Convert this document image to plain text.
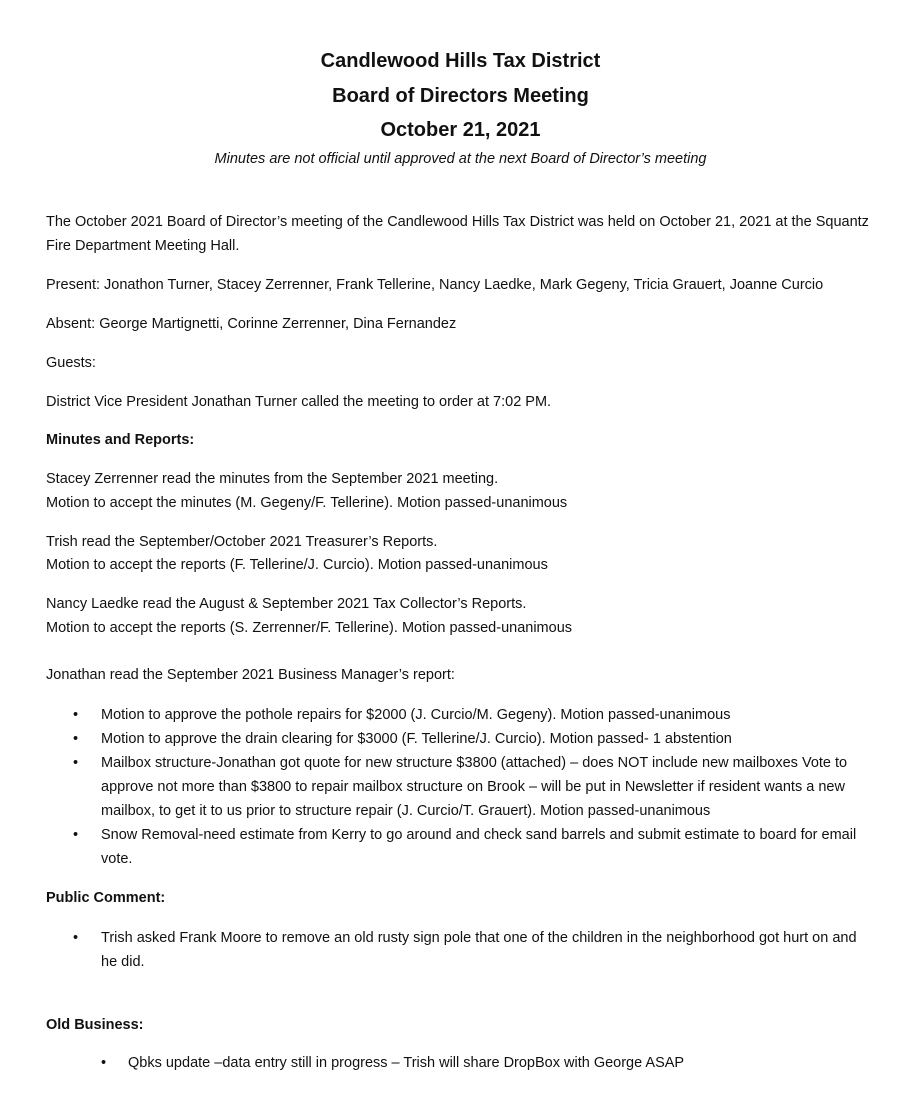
Candlewood Hills Tax District
Board of Directors Meeting
October 21, 2021
Minutes are not official until approved at the next Board of Director’s meeting

The October 2021 Board of Director’s meeting of the Candlewood Hills Tax District was held on October 21, 2021 at the Squantz Fire Department Meeting Hall.

Present: Jonathon Turner, Stacey Zerrenner, Frank Tellerine, Nancy Laedke, Mark Gegeny, Tricia Grauert, Joanne Curcio

Absent: George Martignetti, Corinne Zerrenner, Dina Fernandez

Guests:

District Vice President Jonathan Turner called the meeting to order at 7:02 PM.

Minutes and Reports:

Stacey Zerrenner read the minutes from the September 2021 meeting.

Motion to accept the minutes (M. Gegeny/F. Tellerine). Motion passed-unanimous

Trish read the September/October 2021 Treasurer’s Reports.

Motion to accept the reports (F. Tellerine/J. Curcio). Motion passed-unanimous

Nancy Laedke read the August & September 2021 Tax Collector’s Reports.

Motion to accept the reports (S. Zerrenner/F. Tellerine). Motion passed-unanimous

Jonathan read the September 2021 Business Manager’s report:

• Motion to approve the pothole repairs for $2000 (J. Curcio/M. Gegeny). Motion passed-unanimous
• Motion to approve the drain clearing for $3000 (F. Tellerine/J. Curcio). Motion passed- 1 abstention
• Mailbox structure-Jonathan got quote for new structure $3800 (attached) – does NOT include new mailboxes Vote to approve not more than $3800 to repair mailbox structure on Brook – will be put in Newsletter if resident wants a new mailbox, to get it to us prior to structure repair (J. Curcio/T. Grauert). Motion passed-unanimous
• Snow Removal-need estimate from Kerry to go around and check sand barrels and submit estimate to board for email vote.

Public Comment:

• Trish asked Frank Moore to remove an old rusty sign pole that one of the children in the neighborhood got hurt on and he did.

Old Business:

• Qbks update –data entry still in progress – Trish will share DropBox with George ASAP
